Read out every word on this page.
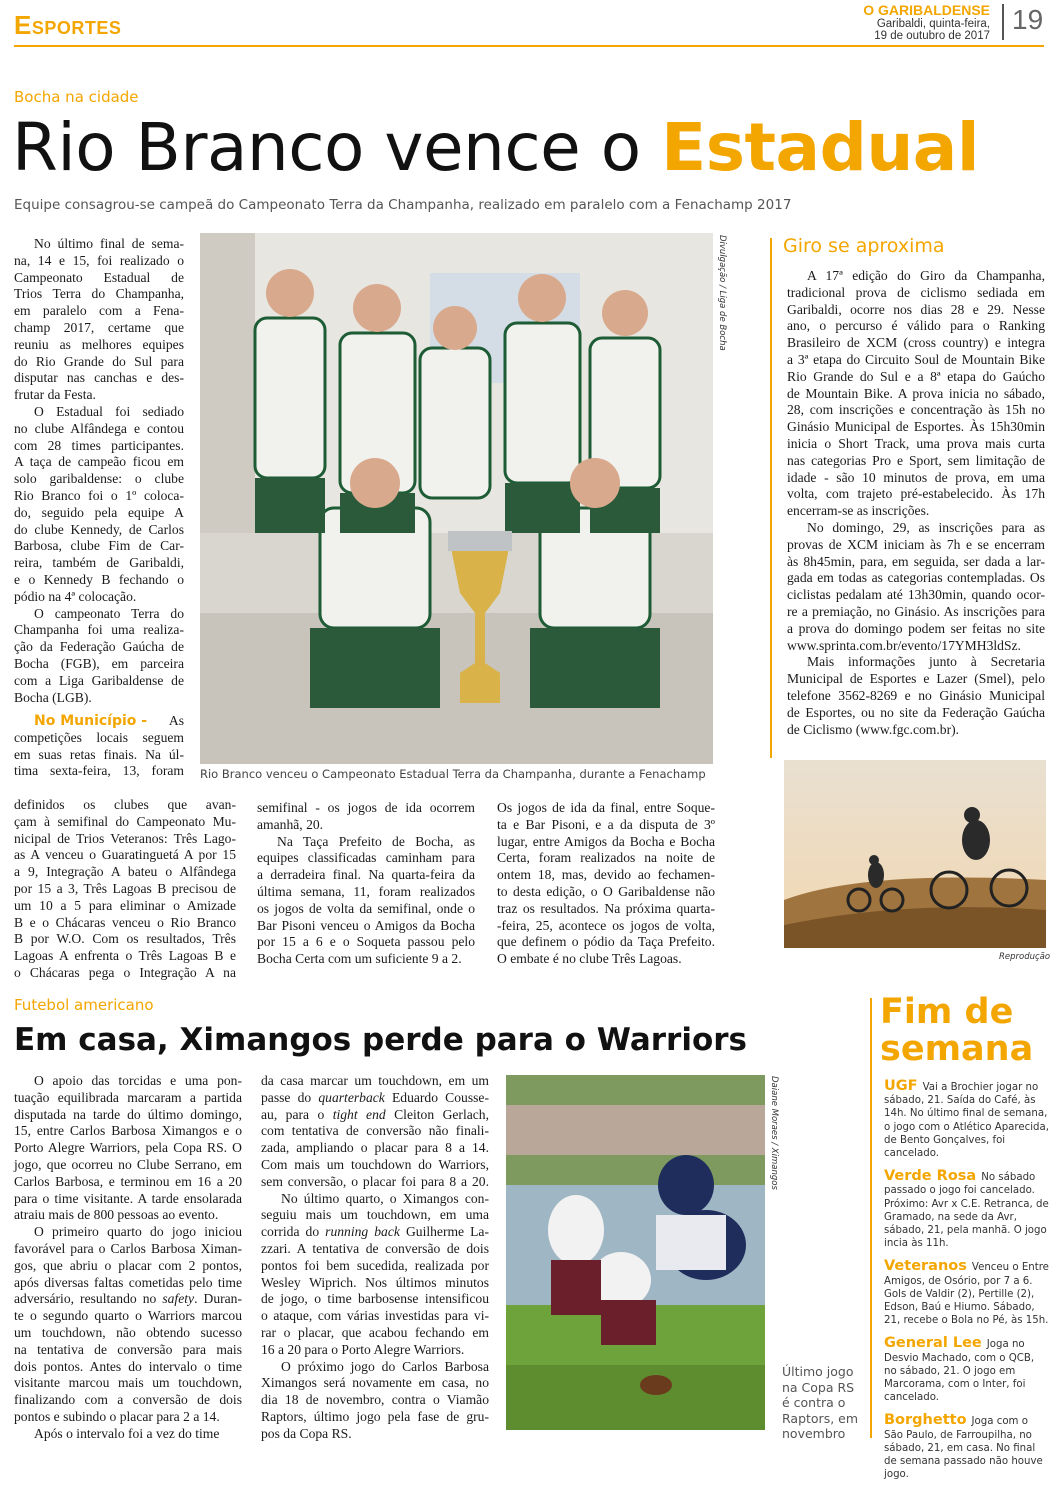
Esportes	O GARIBALDENSE
Garibaldi, quinta-feira,
19 de outubro de 2017
19
Bocha na cidade
Rio Branco vence o Estadual
Equipe consagrou-se campeã do Campeonato Terra da Champanha, realizado em paralelo com a Fenachamp 2017
No último final de sema-
na, 14 e 15, foi realizado o
Campeonato Estadual de
Trios Terra do Champanha,
em paralelo com a Fena-
champ 2017, certame que
reuniu as melhores equipes
do Rio Grande do Sul para
disputar nas canchas e des-
frutar da Festa.
O Estadual foi sediado
no clube Alfândega e contou
com 28 times participantes.
A taça de campeão ficou em
solo garibaldense: o clube
Rio Branco foi o 1º coloca-
do, seguido pela equipe A
do clube Kennedy, de Carlos
Barbosa, clube Fim de Car-
reira, também de Garibaldi,
e o Kennedy B fechando o
pódio na 4ª colocação.
O campeonato Terra do
Champanha foi uma realiza-
ção da Federação Gaúcha de
Bocha (FGB), em parceira
com a Liga Garibaldense de
Bocha (LGB).
No Município - As
competições locais seguem
em suas retas finais. Na úl-
tima sexta-feira, 13, foram
definidos os clubes que avan-
çam à semifinal do Campeonato Mu-
nicipal de Trios Veteranos: Três Lago-
as A venceu o Guaratinguetá A por 15
a 9, Integração A bateu o Alfândega
por 15 a 3, Três Lagoas B precisou de
um 10 a 5 para eliminar o Amizade
B e o Chácaras venceu o Rio Branco
B por W.O. Com os resultados, Três
Lagoas A enfrenta o Três Lagoas B e
o Chácaras pega o Integração A na
Divulgação / Liga de Bocha
Rio Branco venceu o Campeonato Estadual Terra da Champanha, durante a Fenachamp
semifinal - os jogos de ida ocorrem
amanhã, 20.
Na Taça Prefeito de Bocha, as
equipes classificadas caminham para
a derradeira final. Na quarta-feira da
última semana, 11, foram realizados
os jogos de volta da semifinal, onde o
Bar Pisoni venceu o Amigos da Bocha
por 15 a 6 e o Soqueta passou pelo
Bocha Certa com um suficiente 9 a 2.
Os jogos de ida da final, entre Soque-
ta e Bar Pisoni, e a da disputa de 3º
lugar, entre Amigos da Bocha e Bocha
Certa, foram realizados na noite de
ontem 18, mas, devido ao fechamen-
to desta edição, o O Garibaldense não
traz os resultados. Na próxima quarta-
-feira, 25, acontece os jogos de volta,
que definem o pódio da Taça Prefeito.
O embate é no clube Três Lagoas.
Giro se aproxima
A 17ª edição do Giro da Champanha,
tradicional prova de ciclismo sediada em
Garibaldi, ocorre nos dias 28 e 29. Nesse
ano, o percurso é válido para o Ranking
Brasileiro de XCM (cross country) e integra
a 3ª etapa do Circuito Soul de Mountain Bike
Rio Grande do Sul e a 8ª etapa do Gaúcho
de Mountain Bike. A prova inicia no sábado,
28, com inscrições e concentração às 15h no
Ginásio Municipal de Esportes. Às 15h30min
inicia o Short Track, uma prova mais curta
nas categorias Pro e Sport, sem limitação de
idade - são 10 minutos de prova, em uma
volta, com trajeto pré-estabelecido. Às 17h
encerram-se as inscrições.
No domingo, 29, as inscrições para as
provas de XCM iniciam às 7h e se encerram
às 8h45min, para, em seguida, ser dada a lar-
gada em todas as categorias contempladas. Os
ciclistas pedalam até 13h30min, quando ocor-
re a premiação, no Ginásio. As inscrições para
a prova do domingo podem ser feitas no site
www.sprinta.com.br/evento/17YMH3ldSz.
Mais informações junto à Secretaria
Municipal de Esportes e Lazer (Smel), pelo
telefone 3562-8269 e no Ginásio Municipal
de Esportes, ou no site da Federação Gaúcha
de Ciclismo (www.fgc.com.br).
Reprodução
Futebol americano
Em casa, Ximangos perde para o Warriors
O apoio das torcidas e uma pon-
tuação equilibrada marcaram a partida
disputada na tarde do último domingo,
15, entre Carlos Barbosa Ximangos e o
Porto Alegre Warriors, pela Copa RS. O
jogo, que ocorreu no Clube Serrano, em
Carlos Barbosa, e terminou em 16 a 20
para o time visitante. A tarde ensolarada
atraiu mais de 800 pessoas ao evento.
O primeiro quarto do jogo iniciou
favorável para o Carlos Barbosa Ximan-
gos, que abriu o placar com 2 pontos,
após diversas faltas cometidas pelo time
adversário, resultando no safety. Duran-
te o segundo quarto o Warriors marcou
um touchdown, não obtendo sucesso
na tentativa de conversão para mais
dois pontos. Antes do intervalo o time
visitante marcou mais um touchdown,
finalizando com a conversão de dois
pontos e subindo o placar para 2 a 14.
Após o intervalo foi a vez do time
da casa marcar um touchdown, em um
passe do quarterback Eduardo Cousse-
au, para o tight end Cleiton Gerlach,
com tentativa de conversão não finali-
zada, ampliando o placar para 8 a 14.
Com mais um touchdown do Warriors,
sem conversão, o placar foi para 8 a 20.
No último quarto, o Ximangos con-
seguiu mais um touchdown, em uma
corrida do running back Guilherme La-
zzari. A tentativa de conversão de dois
pontos foi bem sucedida, realizada por
Wesley Wiprich. Nos últimos minutos
de jogo, o time barbosense intensificou
o ataque, com várias investidas para vi-
rar o placar, que acabou fechando em
16 a 20 para o Porto Alegre Warriors.
O próximo jogo do Carlos Barbosa
Ximangos será novamente em casa, no
dia 18 de novembro, contra o Viamão
Raptors, último jogo pela fase de gru-
pos da Copa RS.
Daiane Moraes / Ximangos
Último jogo
na Copa RS
é contra o
Raptors, em
novembro
Fim de
semana
UGF Vai a Brochier jogar no sábado, 21. Saída do Café, às 14h. No último final de semana, o jogo com o Atlético Aparecida, de Bento Gonçalves, foi cancelado.
Verde Rosa No sábado passado o jogo foi cancelado. Próximo: Avr x C.E. Retranca, de Gramado, na sede da Avr, sábado, 21, pela manhã. O jogo incia às 11h.
Veteranos Venceu o Entre Amigos, de Osório, por 7 a 6. Gols de Valdir (2), Pertille (2), Edson, Baú e Hiumo. Sábado, 21, recebe o Bola no Pé, às 15h.
General Lee Joga no Desvio Machado, com o QCB, no sábado, 21. O jogo em Marcorama, com o Inter, foi cancelado.
Borghetto Joga com o São Paulo, de Farroupilha, no sábado, 21, em casa. No final de semana passado não houve jogo.
